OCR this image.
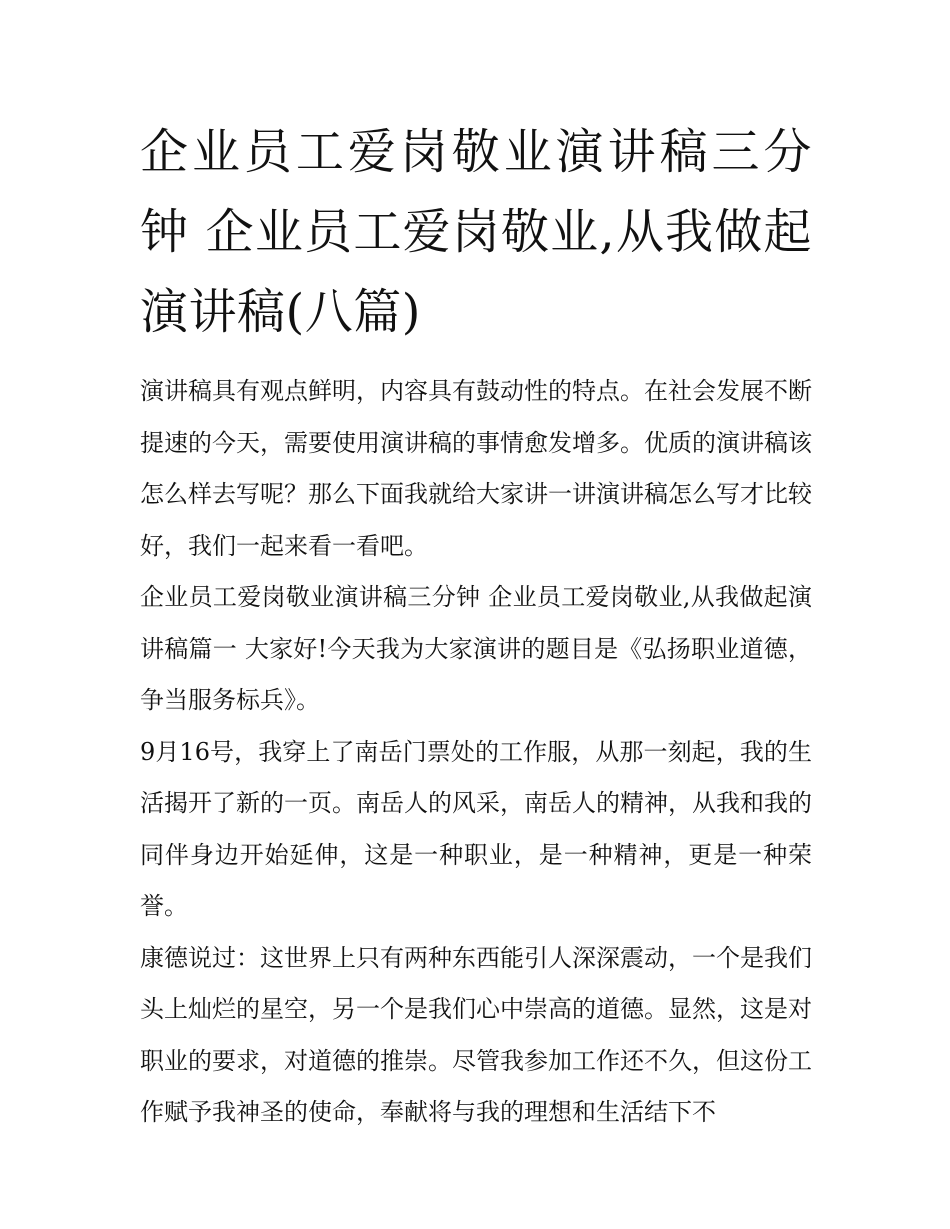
企业员工爱岗敬业演讲稿三分钟 企业员工爱岗敬业,从我做起演讲稿(八篇)

演讲稿具有观点鲜明，内容具有鼓动性的特点。在社会发展不断提速的今天，需要使用演讲稿的事情愈发增多。优质的演讲稿该怎么样去写呢？那么下面我就给大家讲一讲演讲稿怎么写才比较好，我们一起来看一看吧。

企业员工爱岗敬业演讲稿三分钟 企业员工爱岗敬业,从我做起演讲稿篇一 大家好!今天我为大家演讲的题目是《弘扬职业道德，争当服务标兵》。

9月16号，我穿上了南岳门票处的工作服，从那一刻起，我的生活揭开了新的一页。南岳人的风采，南岳人的精神，从我和我的同伴身边开始延伸，这是一种职业，是一种精神，更是一种荣誉。

康德说过：这世界上只有两种东西能引人深深震动，一个是我们头上灿烂的星空，另一个是我们心中崇高的道德。显然，这是对职业的要求，对道德的推崇。尽管我参加工作还不久，但这份工作赋予我神圣的使命，奉献将与我的理想和生活结下不
